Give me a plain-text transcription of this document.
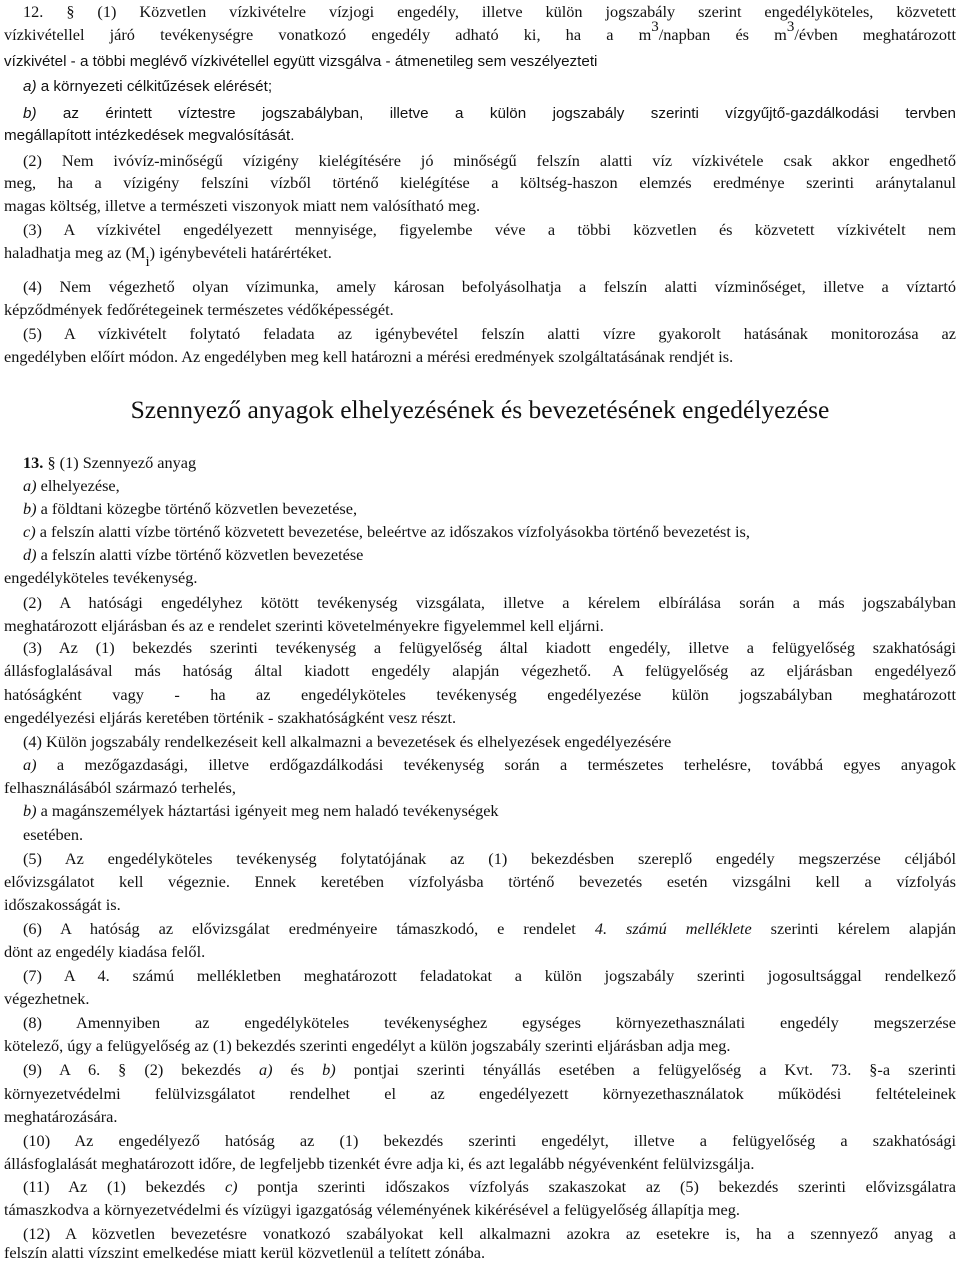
12. § (1) Közvetlen vízkivételre vízjogi engedély, illetve külön jogszabály szerint engedélyköteles, közvetett
vízkivétellel járó tevékenységre vonatkozó engedély adható ki, ha a m3/napban és m3/évben meghatározott
vízkivétel - a többi meglévő vízkivétellel együtt vizsgálva - átmenetileg sem veszélyezteti
a) a környezeti célkitűzések elérését;
b) az érintett víztestre jogszabályban, illetve a külön jogszabály szerinti vízgyűjtő-gazdálkodási tervben
megállapított intézkedések megvalósítását.
(2) Nem ivóvíz-minőségű vízigény kielégítésére jó minőségű felszín alatti víz vízkivétele csak akkor engedhető
meg, ha a vízigény felszíni vízből történő kielégítése a költség-haszon elemzés eredménye szerinti aránytalanul
magas költség, illetve a természeti viszonyok miatt nem valósítható meg.
(3) A vízkivétel engedélyezett mennyisége, figyelembe véve a többi közvetlen és közvetett vízkivételt nem
haladhatja meg az (Mi) igénybevételi határértéket.
(4) Nem végezhető olyan vízimunka, amely károsan befolyásolhatja a felszín alatti vízminőséget, illetve a víztartó
képződmények fedőrétegeinek természetes védőképességét.
(5) A vízkivételt folytató feladata az igénybevétel felszín alatti vízre gyakorolt hatásának monitorozása az
engedélyben előírt módon. Az engedélyben meg kell határozni a mérési eredmények szolgáltatásának rendjét is.
Szennyező anyagok elhelyezésének és bevezetésének engedélyezése
13. § (1) Szennyező anyag
a) elhelyezése,
b) a földtani közegbe történő közvetlen bevezetése,
c) a felszín alatti vízbe történő közvetett bevezetése, beleértve az időszakos vízfolyásokba történő bevezetést is,
d) a felszín alatti vízbe történő közvetlen bevezetése
engedélyköteles tevékenység.
(2) A hatósági engedélyhez kötött tevékenység vizsgálata, illetve a kérelem elbírálása során a más jogszabályban
meghatározott eljárásban és az e rendelet szerinti követelményekre figyelemmel kell eljárni.
(3) Az (1) bekezdés szerinti tevékenység a felügyelőség által kiadott engedély, illetve a felügyelőség szakhatósági
állásfoglalásával más hatóság által kiadott engedély alapján végezhető. A felügyelőség az eljárásban engedélyező
hatóságként vagy - ha az engedélyköteles tevékenység engedélyezése külön jogszabályban meghatározott
engedélyezési eljárás keretében történik - szakhatóságként vesz részt.
(4) Külön jogszabály rendelkezéseit kell alkalmazni a bevezetések és elhelyezések engedélyezésére
a) a mezőgazdasági, illetve erdőgazdálkodási tevékenység során a természetes terhelésre, továbbá egyes anyagok
felhasználásából származó terhelés,
b) a magánszemélyek háztartási igényeit meg nem haladó tevékenységek
esetében.
(5) Az engedélyköteles tevékenység folytatójának az (1) bekezdésben szereplő engedély megszerzése céljából
elővizsgálatot kell végeznie. Ennek keretében vízfolyásba történő bevezetés esetén vizsgálni kell a vízfolyás
időszakosságát is.
(6) A hatóság az elővizsgálat eredményeire támaszkodó, e rendelet 4. számú melléklete szerinti kérelem alapján
dönt az engedély kiadása felől.
(7) A 4. számú mellékletben meghatározott feladatokat a külön jogszabály szerinti jogosultsággal rendelkező
végezhetnek.
(8) Amennyiben az engedélyköteles tevékenységhez egységes környezethasználati engedély megszerzése
kötelező, úgy a felügyelőség az (1) bekezdés szerinti engedélyt a külön jogszabály szerinti eljárásban adja meg.
(9) A 6. § (2) bekezdés a) és b) pontjai szerinti tényállás esetében a felügyelőség a Kvt. 73. §-a szerinti
környezetvédelmi felülvizsgálatot rendelhet el az engedélyezett környezethasználatok működési feltételeinek
meghatározására.
(10) Az engedélyező hatóság az (1) bekezdés szerinti engedélyt, illetve a felügyelőség a szakhatósági
állásfoglalását meghatározott időre, de legfeljebb tizenkét évre adja ki, és azt legalább négyévenként felülvizsgálja.
(11) Az (1) bekezdés c) pontja szerinti időszakos vízfolyás szakaszokat az (5) bekezdés szerinti elővizsgálatra
támaszkodva a környezetvédelmi és vízügyi igazgatóság véleményének kikérésével a felügyelőség állapítja meg.
(12) A közvetlen bevezetésre vonatkozó szabályokat kell alkalmazni azokra az esetekre is, ha a szennyező anyag a
felszín alatti vízszint emelkedése miatt kerül közvetlenül a telített zónába.
